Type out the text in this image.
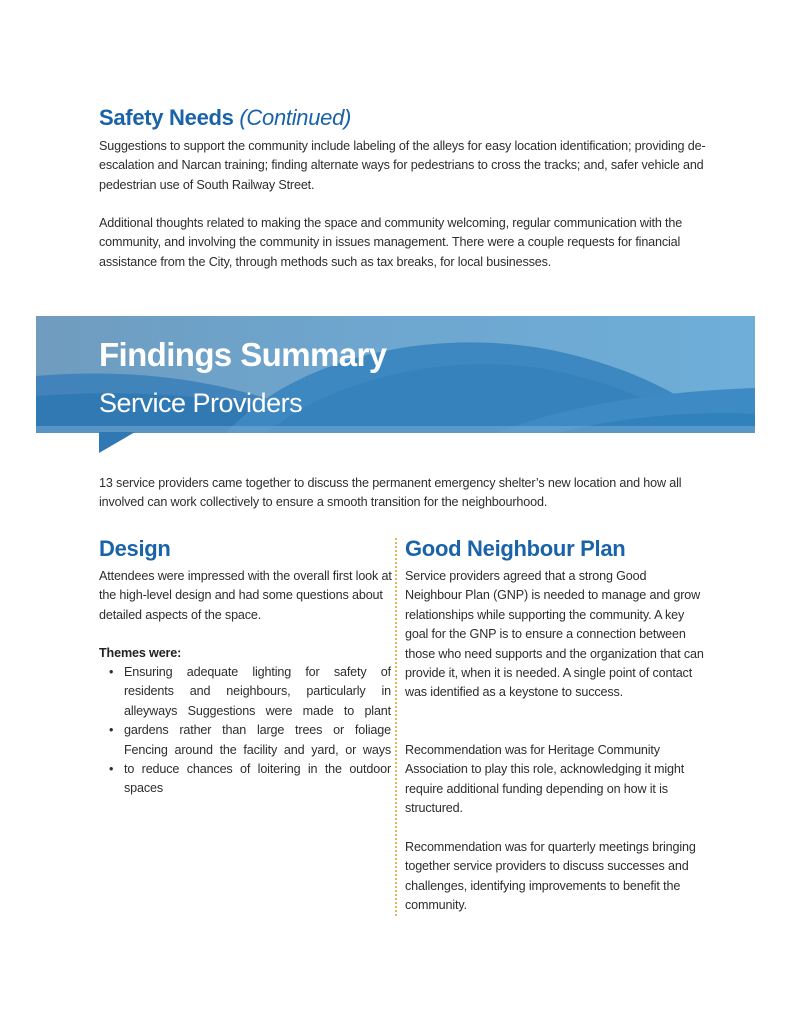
Safety Needs (Continued)
Suggestions to support the community include labeling of the alleys for easy location identification; providing de-escalation and Narcan training; finding alternate ways for pedestrians to cross the tracks; and, safer vehicle and pedestrian use of South Railway Street.
Additional thoughts related to making the space and community welcoming, regular communication with the community, and involving the community in issues management. There were a couple requests for financial assistance from the City, through methods such as tax breaks, for local businesses.
Findings Summary
Service Providers
13 service providers came together to discuss the permanent emergency shelter’s new location and how all involved can work collectively to ensure a smooth transition for the neighbourhood.
Design
Attendees were impressed with the overall first look at the high-level design and had some questions about detailed aspects of the space.
Themes were:
• Ensuring adequate lighting for safety of
residents and neighbours, particularly in
alleyways Suggestions were made to plant
• gardens rather than large trees or foliage
Fencing around the facility and yard, or ways
• to reduce chances of loitering in the outdoor
spaces
Good Neighbour Plan
Service providers agreed that a strong Good Neighbour Plan (GNP) is needed to manage and grow relationships while supporting the community. A key goal for the GNP is to ensure a connection between those who need supports and the organization that can provide it, when it is needed. A single point of contact was identified as a keystone to success.
Recommendation was for Heritage Community Association to play this role, acknowledging it might require additional funding depending on how it is structured.
Recommendation was for quarterly meetings bringing together service providers to discuss successes and challenges, identifying improvements to benefit the community.
